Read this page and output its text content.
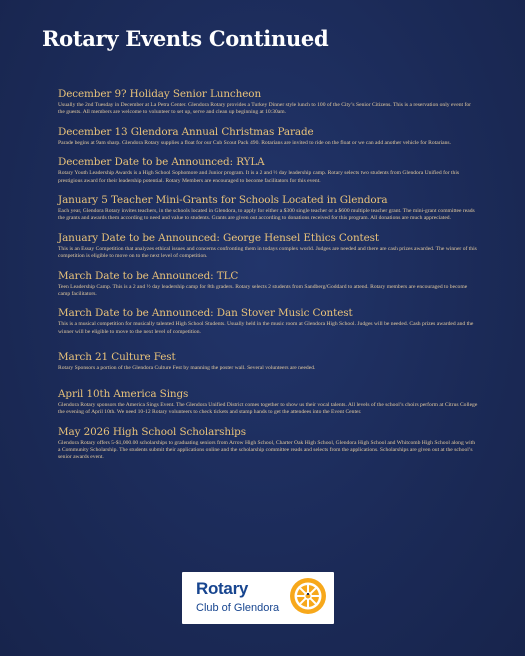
Rotary Events Continued
December 9? Holiday Senior Luncheon

Usually the 2nd Tuesday in December at La Petra Center. Glendora Rotary provides a Turkey Dinner style lunch to 100 of the City’s Senior Citizens. This is a reservation only event for the guests. All members are welcome to volunteer to set up, serve and clean up beginning at 10:30am.

December 13 Glendora Annual Christmas Parade

Parade begins at 9am sharp. Glendora Rotary supplies a float for our Cub Scout Pack 490. Rotarians are invited to ride on the float or we can add another vehicle for Rotarians.

December Date to be Announced: RYLA

Rotary Youth Leadership Awards is a High School Sophomore and Junior program. It is a 2 and ½ day leadership camp. Rotary selects two students from Glendora Unified for this prestigious award for their leadership potential. Rotary Members are encouraged to become facilitators for this event.

January 5 Teacher Mini-Grants for Schools Located in Glendora

Each year, Glendora Rotary invites teachers, in the schools located in Glendora, to apply for either a $300 single teacher or a $600 multiple teacher grant. The mini-grant committee reads the grants and awards them according to need and value to students. Grants are given out according to donations received for this program. All donations are much appreciated.

January Date to be Announced: George Hensel Ethics Contest

This is an Essay Competition that analyzes ethical issues and concerns confronting them in todays complex world. Judges are needed and there are cash prizes awarded. The winner of this competition is eligible to move on to the next level of competition.

March Date to be Announced: TLC

Teen Leadership Camp. This is a 2 and ½ day leadership camp for 8th graders. Rotary selects 2 students from Sandberg/Goddard to attend. Rotary members are encouraged to become camp facilitators.

March Date to be Announced: Dan Stover Music Contest

This is a musical competition for musically talented High School Students. Usually held in the music room at Glendora High School. Judges will be needed. Cash prizes awarded and the winner will be eligible to move to the next level of competition.

March 21 Culture Fest

Rotary Sponsors a portion of the Glendora Culture Fest by manning the poster wall. Several volunteers are needed.

April 10th America Sings

Glendora Rotary sponsors the America Sings Event. The Glendora Unified District comes together to show us their vocal talents. All levels of the school’s choirs perform at Citrus College the evening of April 10th. We need 10-12 Rotary volunteers to check tickets and stamp hands to get the attendees into the Event Center.

May 2026 High School Scholarships

Glendora Rotary offers 5-$1,000.00 scholarships to graduating seniors from Arrow High School, Charter Oak High School, Glendora High School and Whitcomb High School along with a Community Scholarship. The students submit their applications online and the scholarship committee reads and selects from the applications. Scholarships are given out at the school’s senior awards event.

Rotary
Club of Glendora
